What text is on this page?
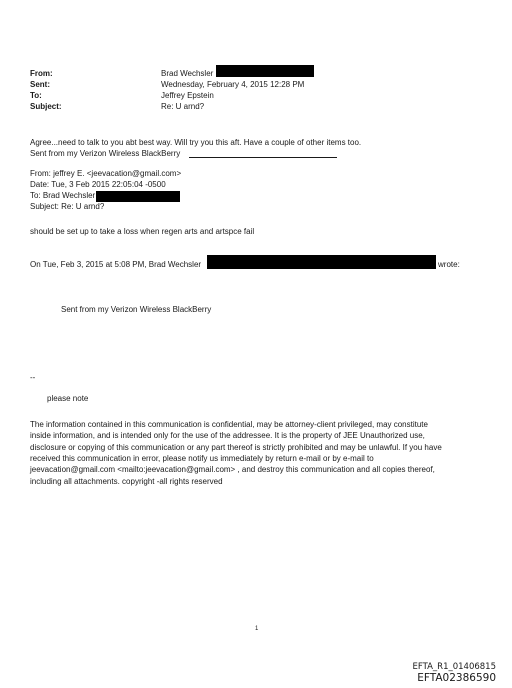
From:
Sent:
To:
Subject:
Brad Wechsler
Wednesday, February 4, 2015 12:28 PM
Jeffrey Epstein
Re: U arnd?
Agree...need to talk to you abt best way. Will try you this aft. Have a couple of other items too.
Sent from my Verizon Wireless BlackBerry
From: jeffrey E. <jeevacation@gmail.com>
Date: Tue, 3 Feb 2015 22:05:04 -0500
To: Brad Wechsler
Subject: Re: U arnd?
should be set up to take a loss when regen arts and artspce fail
On Tue, Feb 3, 2015 at 5:08 PM, Brad Wechsler	wrote:
Sent from my Verizon Wireless BlackBerry
--
please note
The information contained in this communication is confidential, may be attorney-client privileged, may constitute
inside information, and is intended only for the use of the addressee. It is the property of JEE Unauthorized use,
disclosure or copying of this communication or any part thereof is strictly prohibited and may be unlawful. If you have
received this communication in error, please notify us immediately by return e-mail or by e-mail to
jeevacation@gmail.com <mailto:jeevacation@gmail.com> , and destroy this communication and all copies thereof,
including all attachments. copyright -all rights reserved
1
EFTA_R1_01406815
EFTA02386590
